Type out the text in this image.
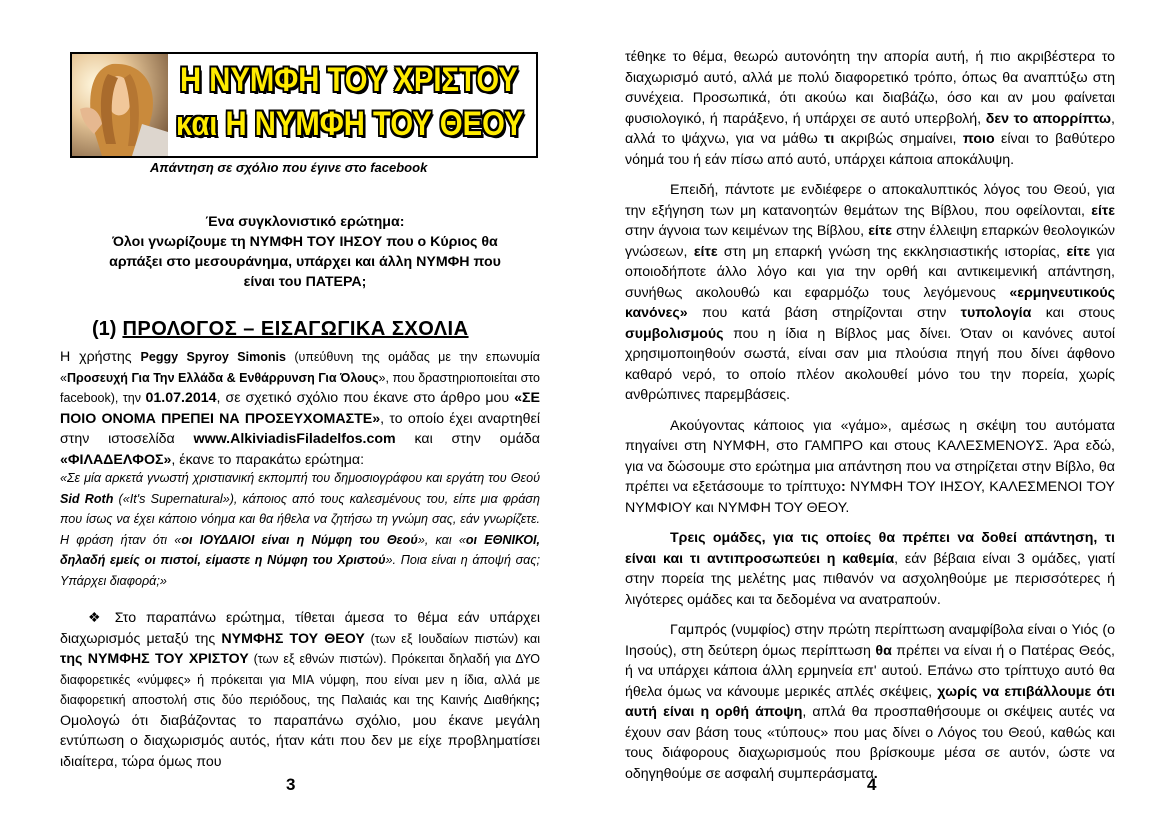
Η ΝΥΜΦΗ ΤΟΥ ΧΡΙΣΤΟΥ
και Η ΝΥΜΦΗ ΤΟΥ ΘΕΟΥ
Απάντηση σε σχόλιο που έγινε στο facebook
Ένα συγκλονιστικό ερώτημα:
Όλοι γνωρίζουμε τη ΝΥΜΦΗ ΤΟΥ ΙΗΣΟΥ που ο Κύριος θα
αρπάξει στο μεσουράνημα, υπάρχει και άλλη ΝΥΜΦΗ που
είναι του ΠΑΤΕΡΑ;
(1) ΠΡΟΛΟΓΟΣ – ΕΙΣΑΓΩΓΙΚΑ ΣΧΟΛΙΑ

Η χρήστης Peggy Spyroy Simonis (υπεύθυνη της ομάδας με την επωνυμία «Προσευχή Για Την Ελλάδα & Ενθάρρυνση Για Όλους», που δραστηριοποιείται στο facebook), την 01.07.2014, σε σχετικό σχόλιο που έκανε στο άρθρο μου «ΣΕ ΠΟΙΟ ΟΝΟΜΑ ΠΡΕΠΕΙ ΝΑ ΠΡΟΣΕΥΧΟΜΑΣΤΕ», το οποίο έχει αναρτηθεί στην ιστοσελίδα www.AlkiviadisFiladelfos.com και στην ομάδα «ΦΙΛΑΔΕΛΦΟΣ», έκανε το παρακάτω ερώτημα:

«Σε μία αρκετά γνωστή χριστιανική εκπομπή του δημοσιογράφου και εργάτη του Θεού Sid Roth («It's Supernatural»), κάποιος από τους καλεσμένους του, είπε μια φράση που ίσως να έχει κάποιο νόημα και θα ήθελα να ζητήσω τη γνώμη σας, εάν γνωρίζετε. Η φράση ήταν ότι «οι ΙΟΥΔΑΙΟΙ είναι η Νύμφη του Θεού», και «οι ΕΘΝΙΚΟΙ, δηλαδή εμείς οι πιστοί, είμαστε η Νύμφη του Χριστού». Ποια είναι η άποψή σας; Υπάρχει διαφορά;»

❖ Στο παραπάνω ερώτημα, τίθεται άμεσα το θέμα εάν υπάρχει διαχωρισμός μεταξύ της ΝΥΜΦΗΣ ΤΟΥ ΘΕΟΥ (των εξ Ιουδαίων πιστών) και της ΝΥΜΦΗΣ ΤΟΥ ΧΡΙΣΤΟΥ (των εξ εθνών πιστών). Πρόκειται δηλαδή για ΔΥΟ διαφορετικές «νύμφες» ή πρόκειται για ΜΙΑ νύμφη, που είναι μεν η ίδια, αλλά με διαφορετική αποστολή στις δύο περιόδους, της Παλαιάς και της Καινής Διαθήκης; Ομολογώ ότι διαβάζοντας το παραπάνω σχόλιο, μου έκανε μεγάλη εντύπωση ο διαχωρισμός αυτός, ήταν κάτι που δεν με είχε προβληματίσει ιδιαίτερα, τώρα όμως που

3

τέθηκε το θέμα, θεωρώ αυτονόητη την απορία αυτή, ή πιο ακριβέστερα το διαχωρισμό αυτό, αλλά με πολύ διαφορετικό τρόπο, όπως θα αναπτύξω στη συνέχεια. Προσωπικά, ότι ακούω και διαβάζω, όσο και αν μου φαίνεται φυσιολογικό, ή παράξενο, ή υπάρχει σε αυτό υπερβολή, δεν το απορρίπτω, αλλά το ψάχνω, για να μάθω τι ακριβώς σημαίνει, ποιο είναι το βαθύτερο νόημά του ή εάν πίσω από αυτό, υπάρχει κάποια αποκάλυψη.

Επειδή, πάντοτε με ενδιέφερε ο αποκαλυπτικός λόγος του Θεού, για την εξήγηση των μη κατανοητών θεμάτων της Βίβλου, που οφείλονται, είτε στην άγνοια των κειμένων της Βίβλου, είτε στην έλλειψη επαρκών θεολογικών γνώσεων, είτε στη μη επαρκή γνώση της εκκλησιαστικής ιστορίας, είτε για οποιοδήποτε άλλο λόγο και για την ορθή και αντικειμενική απάντηση, συνήθως ακολουθώ και εφαρμόζω τους λεγόμενους «ερμηνευτικούς κανόνες» που κατά βάση στηρίζονται στην τυπολογία και στους συμβολισμούς που η ίδια η Βίβλος μας δίνει. Όταν οι κανόνες αυτοί χρησιμοποιηθούν σωστά, είναι σαν μια πλούσια πηγή που δίνει άφθονο καθαρό νερό, το οποίο πλέον ακολουθεί μόνο του την πορεία, χωρίς ανθρώπινες παρεμβάσεις.

Ακούγοντας κάποιος για «γάμο», αμέσως η σκέψη του αυτόματα πηγαίνει στη ΝΥΜΦΗ, στο ΓΑΜΠΡΟ και στους ΚΑΛΕΣΜΕΝΟΥΣ. Άρα εδώ, για να δώσουμε στο ερώτημα μια απάντηση που να στηρίζεται στην Βίβλο, θα πρέπει να εξετάσουμε το τρίπτυχο: ΝΥΜΦΗ ΤΟΥ ΙΗΣΟΥ, ΚΑΛΕΣΜΕΝΟΙ ΤΟΥ ΝΥΜΦΙΟΥ και ΝΥΜΦΗ ΤΟΥ ΘΕΟΥ.

Τρεις ομάδες, για τις οποίες θα πρέπει να δοθεί απάντηση, τι είναι και τι αντιπροσωπεύει η καθεμία, εάν βέβαια είναι 3 ομάδες, γιατί στην πορεία της μελέτης μας πιθανόν να ασχοληθούμε με περισσότερες ή λιγότερες ομάδες και τα δεδομένα να ανατραπούν.

Γαμπρός (νυμφίος) στην πρώτη περίπτωση αναμφίβολα είναι ο Υιός (ο Ιησούς), στη δεύτερη όμως περίπτωση θα πρέπει να είναι ή ο Πατέρας Θεός, ή να υπάρχει κάποια άλλη ερμηνεία επ' αυτού. Επάνω στο τρίπτυχο αυτό θα ήθελα όμως να κάνουμε μερικές απλές σκέψεις, χωρίς να επιβάλλουμε ότι αυτή είναι η ορθή άποψη, απλά θα προσπαθήσουμε οι σκέψεις αυτές να έχουν σαν βάση τους «τύπους» που μας δίνει ο Λόγος του Θεού, καθώς και τους διάφορους διαχωρισμούς που βρίσκουμε μέσα σε αυτόν, ώστε να οδηγηθούμε σε ασφαλή συμπεράσματα.

4
